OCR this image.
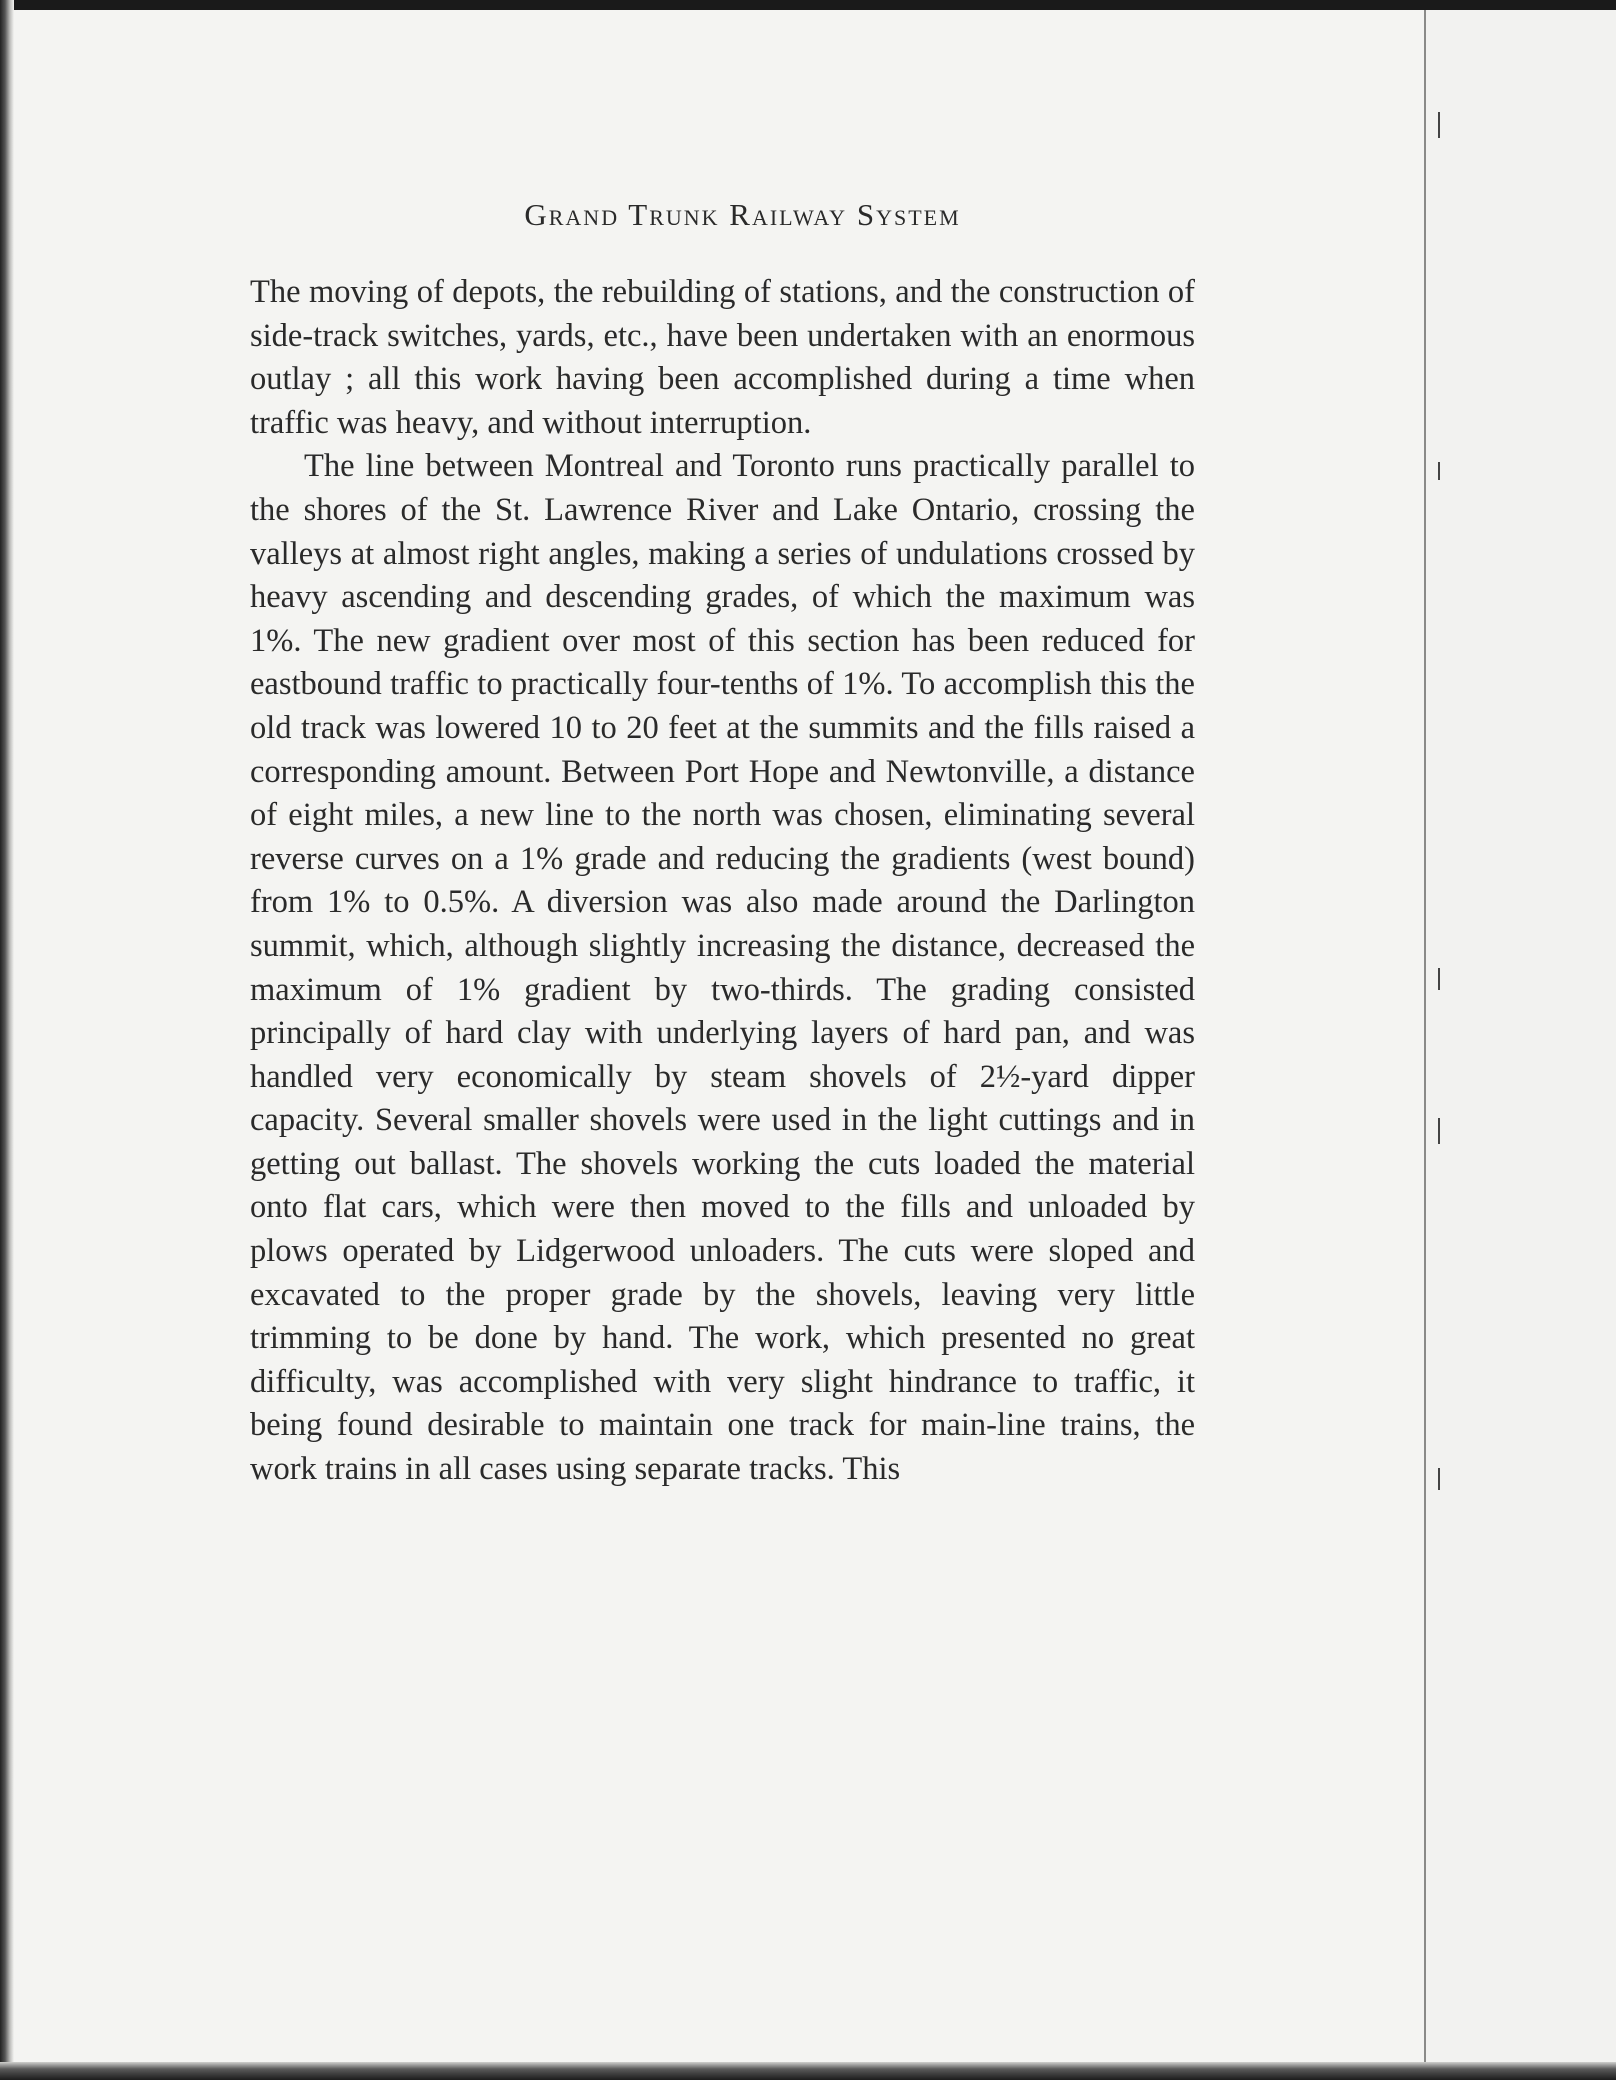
Grand Trunk Railway System

The moving of depots, the rebuilding of stations, and the construction of side-track switches, yards, etc., have been undertaken with an enormous outlay ; all this work having been accomplished during a time when traffic was heavy, and without interruption.

The line between Montreal and Toronto runs practically parallel to the shores of the St. Lawrence River and Lake Ontario, crossing the valleys at almost right angles, making a series of undulations crossed by heavy ascending and descending grades, of which the maximum was 1%. The new gradient over most of this section has been reduced for eastbound traffic to practically four-tenths of 1%. To accomplish this the old track was lowered 10 to 20 feet at the summits and the fills raised a corresponding amount. Between Port Hope and Newtonville, a distance of eight miles, a new line to the north was chosen, eliminating several reverse curves on a 1% grade and reducing the gradients (west bound) from 1% to 0.5%. A diversion was also made around the Darlington summit, which, although slightly increasing the distance, decreased the maximum of 1% gradient by two-thirds. The grading consisted principally of hard clay with underlying layers of hard pan, and was handled very economically by steam shovels of 2½-yard dipper capacity. Several smaller shovels were used in the light cuttings and in getting out ballast. The shovels working the cuts loaded the material onto flat cars, which were then moved to the fills and unloaded by plows operated by Lidgerwood unloaders. The cuts were sloped and excavated to the proper grade by the shovels, leaving very little trimming to be done by hand. The work, which presented no great difficulty, was accomplished with very slight hindrance to traffic, it being found desirable to maintain one track for main-line trains, the work trains in all cases using separate tracks. This
